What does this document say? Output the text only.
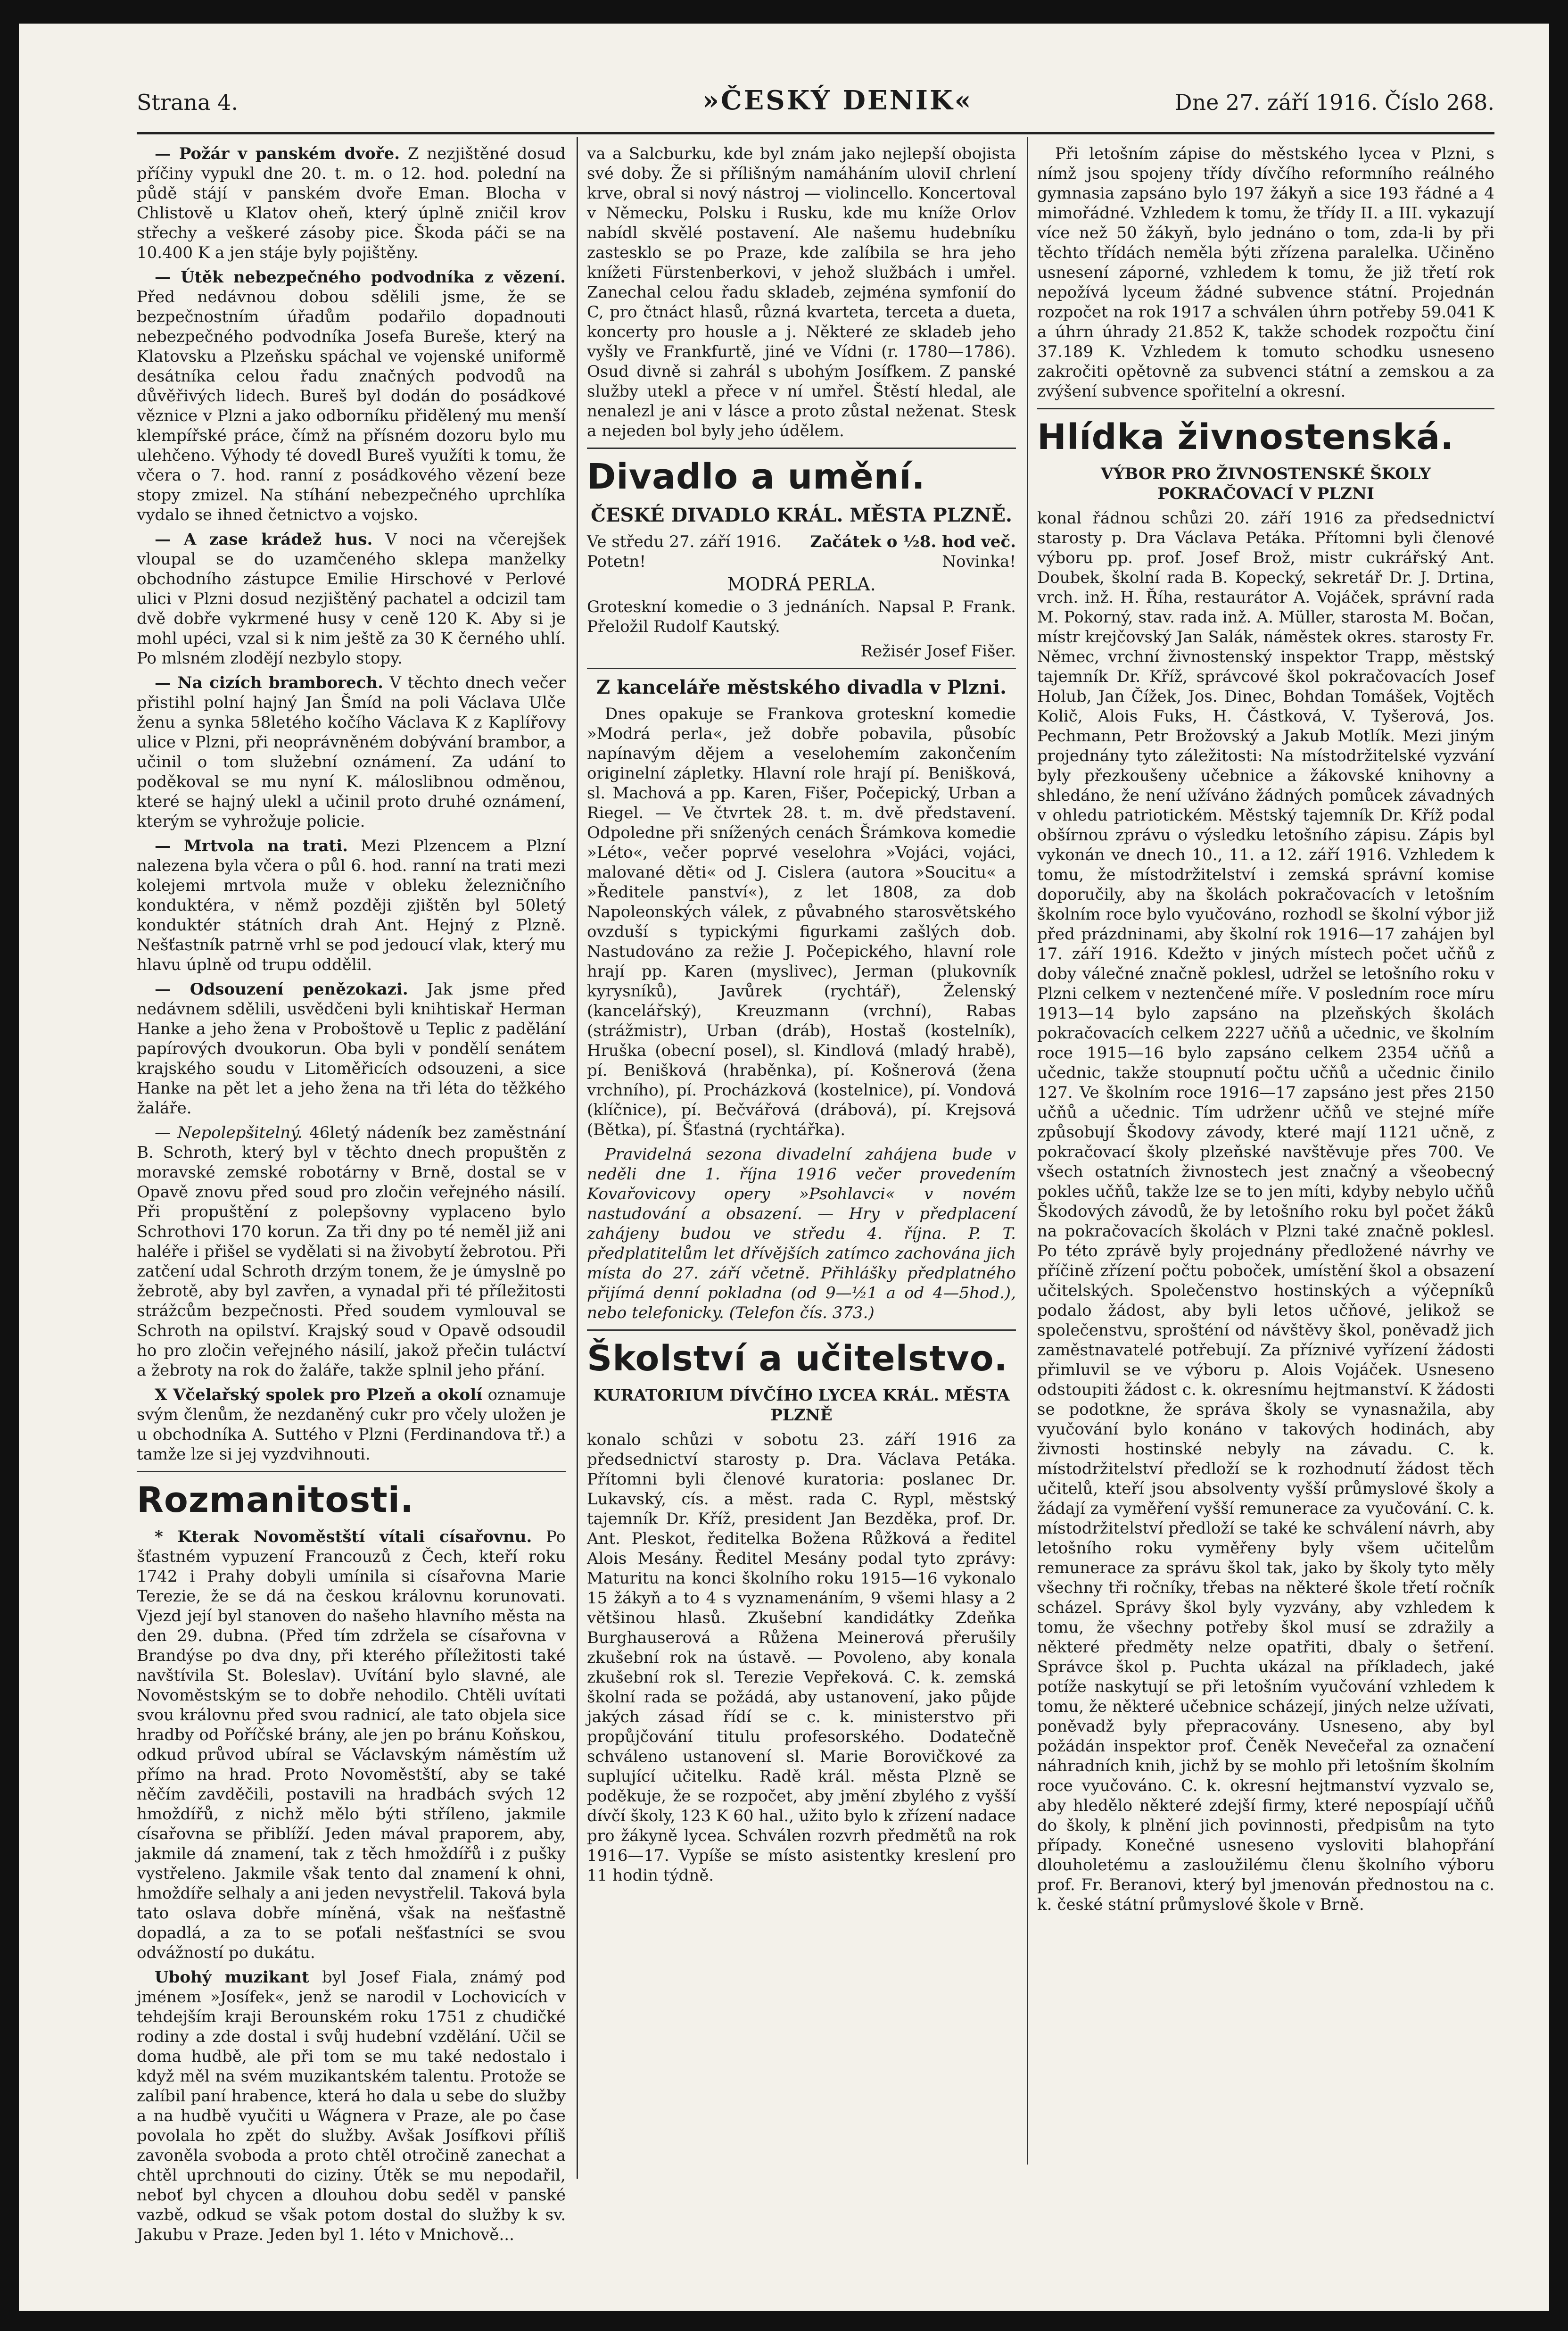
Strana 4.	»ČESKÝ DENIK«	Dne 27. září 1916. Číslo 268.

— Požár v panském dvoře. Z nezjištěné dosud příčiny vypukl dne 20. t. m. o 12. hod. polední na půdě stájí v panském dvoře Eman. Blocha v Chlistově u Klatov oheň, který úplně zničil krov střechy a veškeré zásoby pice. Škoda páči se na 10.400 K a jen stáje byly pojištěny.

— Útěk nebezpečného podvodníka z vězení. Před nedávnou dobou sdělili jsme, že se bezpečnostním úřadům podařilo dopadnouti nebezpečného podvodníka Josefa Bureše, který na Klatovsku a Plzeňsku spáchal ve vojenské uniformě desátníka celou řadu značných podvodů na důvěřivých lidech. Bureš byl dodán do posádkové věznice v Plzni a jako odborníku přidělený mu menší klempířské práce, čímž na přísném dozoru bylo mu ulehčeno. Výhody té dovedl Bureš využíti k tomu, že včera o 7. hod. ranní z posádkového vězení beze stopy zmizel. Na stíhání nebezpečného uprchlíka vydalo se ihned četnictvo a vojsko.

— A zase krádež hus. V noci na včerejšek vloupal se do uzamčeného sklepa manželky obchodního zástupce Emilie Hirschové v Perlové ulici v Plzni dosud nezjištěný pachatel a odcizil tam dvě dobře vykrmené husy v ceně 120 K. Aby si je mohl upéci, vzal si k nim ještě za 30 K černého uhlí. Po mlsném zlodějí nezbylo stopy.

— Na cizích bramborech. V těchto dnech večer přistihl polní hajný Jan Šmíd na poli Václava Ulče ženu a synka 58letého kočího Václava K z Kaplířovy ulice v Plzni, při neoprávněném dobývání brambor, a učinil o tom služební oznámení. Za udání to poděkoval se mu nyní K. máloslibnou odměnou, které se hajný ulekl a učinil proto druhé oznámení, kterým se vyhrožuje policie.

— Mrtvola na trati. Mezi Plzencem a Plzní nalezena byla včera o půl 6. hod. ranní na trati mezi kolejemi mrtvola muže v obleku železničního konduktéra, v němž později zjištěn byl 50letý konduktér státních drah Ant. Hejný z Plzně. Nešťastník patrně vrhl se pod jedoucí vlak, který mu hlavu úplně od trupu oddělil.

— Odsouzení penězokazi. Jak jsme před nedávnem sdělili, usvědčeni byli knihtiskař Herman Hanke a jeho žena v Proboštově u Teplic z padělání papírových dvoukorun. Oba byli v pondělí senátem krajského soudu v Litoměřicích odsouzeni, a sice Hanke na pět let a jeho žena na tři léta do těžkého žaláře.

— Nepolepšitelný. 46letý nádeník bez zaměstnání B. Schroth, který byl v těchto dnech propuštěn z moravské zemské robotárny v Brně, dostal se v Opavě znovu před soud pro zločin veřejného násilí. Při propuštění z polepšovny vyplaceno bylo Schrothovi 170 korun. Za tři dny po té neměl již ani haléře i přišel se vydělati si na živobytí žebrotou. Při zatčení udal Schroth drzým tonem, že je úmyslně po žebrotě, aby byl zavřen, a vynadal při té příležitosti strážcům bezpečnosti. Před soudem vymlouval se Schroth na opilství. Krajský soud v Opavě odsoudil ho pro zločin veřejného násilí, jakož přečin tuláctví a žebroty na rok do žaláře, takže splnil jeho přání.

X Včelařský spolek pro Plzeň a okolí oznamuje svým členům, že nezdaněný cukr pro včely uložen je u obchodníka A. Suttého v Plzni (Ferdinandova tř.) a tamže lze si jej vyzdvihnouti.

Rozmanitosti.

* Kterak Novoměstští vítali císařovnu. Po šťastném vypuzení Francouzů z Čech, kteří roku 1742 i Prahy dobyli umínila si císařovna Marie Terezie, že se dá na českou královnu korunovati. Vjezd její byl stanoven do našeho hlavního města na den 29. dubna. (Před tím zdržela se císařovna v Brandýse po dva dny, při kterého příležitosti také navštívila St. Boleslav). Uvítání bylo slavné, ale Novoměstským se to dobře nehodilo. Chtěli uvítati svou královnu před svou radnicí, ale tato objela sice hradby od Poříčské brány, ale jen po bránu Koňskou, odkud průvod ubíral se Václavským náměstím už přímo na hrad. Proto Novoměstští, aby se také něčím zavděčili, postavili na hradbách svých 12 hmoždířů, z nichž mělo býti stříleno, jakmile císařovna se přiblíží. Jeden mával praporem, aby, jakmile dá znamení, tak z těch hmoždířů i z pušky vystřeleno. Jakmile však tento dal znamení k ohni, hmoždíře selhaly a ani jeden nevystřelil. Taková byla tato oslava dobře míněná, však na nešťastně dopadlá, a za to se poťali nešťastníci se svou odvážností po dukátu.

Ubohý muzikant byl Josef Fiala, známý pod jménem »Josífek«, jenž se narodil v Lochovicích v tehdejším kraji Berounském roku 1751 z chudičké rodiny a zde dostal i svůj hudební vzdělání. Učil se doma hudbě, ale při tom se mu také nedostalo i když měl na svém muzikantském talentu. Protože se zalíbil paní hrabence, která ho dala u sebe do služby a na hudbě vyučiti u Wágnera v Praze, ale po čase povolala ho zpět do služby. Avšak Josífkovi příliš zavoněla svoboda a proto chtěl otročině zanechat a chtěl uprchnouti do ciziny. Útěk se mu nepodařil, neboť byl chycen a dlouhou dobu seděl v panské vazbě, odkud se však potom dostal do služby k sv. Jakubu v Praze. Jeden byl 1. léto v Mnichově...

va a Salcburku, kde byl znám jako nejlepší obojista své doby. Že si přílišným namáháním uloviI chrlení krve, obral si nový nástroj — violincello. Koncertoval v Německu, Polsku i Rusku, kde mu kníže Orlov nabídl skvělé postavení. Ale našemu hudebníku zastesklo se po Praze, kde zalíbila se hra jeho knížeti Fürstenberkovi, v jehož službách i umřel. Zanechal celou řadu skladeb, zejména symfonií do C, pro čtnáct hlasů, různá kvarteta, terceta a dueta, koncerty pro housle a j. Některé ze skladeb jeho vyšly ve Frankfurtě, jiné ve Vídni (r. 1780—1786). Osud divně si zahrál s ubohým Josífkem. Z panské služby utekl a přece v ní umřel. Štěstí hledal, ale nenalezl je ani v lásce a proto zůstal neženat. Stesk a nejeden bol byly jeho údělem.

Divadlo a umění.
ČESKÉ DIVADLO KRÁL. MĚSTA PLZNĚ.
Ve středu 27. září 1916. Začátek o ½8. hod več.
Potetn!	Novinka!
MODRÁ PERLA.

Groteskní komedie o 3 jednáních. Napsal P. Frank. Přeložil Rudolf Kautský.

Režisér Josef Fišer.
Z kanceláře městského divadla v Plzni.

Dnes opakuje se Frankova groteskní komedie »Modrá perla«, jež dobře pobavila, působíc napínavým dějem a veselohemím zakončením originelní zápletky. Hlavní role hrají pí. Benišková, sl. Machová a pp. Karen, Fišer, Počepický, Urban a Riegel. — Ve čtvrtek 28. t. m. dvě představení. Odpoledne při snížených cenách Šrámkova komedie »Léto«, večer poprvé veselohra »Vojáci, vojáci, malované děti« od J. Cislera (autora »Soucitu« a »Ředitele panství«), z let 1808, za dob Napoleonských válek, z půvabného starosvětského ovzduší s typickými figurkami zašlých dob. Nastudováno za režie J. Počepického, hlavní role hrají pp. Karen (myslivec), Jerman (plukovník kyrysníků), Javůrek (rychtář), Želenský (kancelářský), Kreuzmann (vrchní), Rabas (strážmistr), Urban (dráb), Hostaš (kostelník), Hruška (obecní posel), sl. Kindlová (mladý hrabě), pí. Benišková (hraběnka), pí. Košnerová (žena vrchního), pí. Procházková (kostelnice), pí. Vondová (klíčnice), pí. Bečvářová (drábová), pí. Krejsová (Bětka), pí. Šťastná (rychtářka).

Pravidelná sezona divadelní zahájena bude v neděli dne 1. října 1916 večer provedením Kovařovicovy opery »Psohlavci« v novém nastudování a obsazení. — Hry v předplacení zahájeny budou ve středu 4. října. P. T. předplatitelům let dřívějších zatímco zachována jich místa do 27. září včetně. Přihlášky předplatného přijímá denní pokladna (od 9—½1 a od 4—5hod.), nebo telefonicky. (Telefon čís. 373.)

Školství a učitelstvo.
KURATORIUM DÍVČÍHO LYCEA KRÁL. MĚSTA PLZNĚ

konalo schůzi v sobotu 23. září 1916 za předsednictví starosty p. Dra. Václava Petáka. Přítomni byli členové kuratoria: poslanec Dr. Lukavský, cís. a měst. rada C. Rypl, městský tajemník Dr. Kříž, president Jan Bezděka, prof. Dr. Ant. Pleskot, ředitelka Božena Růžková a ředitel Alois Mesány. Ředitel Mesány podal tyto zprávy: Maturitu na konci školního roku 1915—16 vykonalo 15 žákyň a to 4 s vyznamenáním, 9 všemi hlasy a 2 většinou hlasů. Zkušební kandidátky Zdeňka Burghauserová a Růžena Meinerová přerušily zkušební rok na ústavě. — Povoleno, aby konala zkušební rok sl. Terezie Vepřeková. C. k. zemská školní rada se požádá, aby ustanovení, jako půjde jakých zásad řídí se c. k. ministerstvo při propůjčování titulu profesorského. Dodatečně schváleno ustanovení sl. Marie Borovičkové za suplující učitelku. Radě král. města Plzně se poděkuje, že se rozpočet, aby jmění zbylého z vyšší dívčí školy, 123 K 60 hal., užito bylo k zřízení nadace pro žákyně lycea. Schválen rozvrh předmětů na rok 1916—17. Vypíše se místo asistentky kreslení pro 11 hodin týdně.

Při letošním zápise do městského lycea v Plzni, s nímž jsou spojeny třídy dívčího reformního reálného gymnasia zapsáno bylo 197 žákyň a sice 193 řádné a 4 mimořádné. Vzhledem k tomu, že třídy II. a III. vykazují více než 50 žákyň, bylo jednáno o tom, zda-li by při těchto třídách neměla býti zřízena paralelka. Učiněno usnesení záporné, vzhledem k tomu, že již třetí rok nepožívá lyceum žádné subvence státní. Projednán rozpočet na rok 1917 a schválen úhrn potřeby 59.041 K a úhrn úhrady 21.852 K, takže schodek rozpočtu činí 37.189 K. Vzhledem k tomuto schodku usneseno zakročiti opětovně za subvenci státní a zemskou a za zvýšení subvence spořitelní a okresní.

Hlídka živnostenská.
VÝBOR PRO ŽIVNOSTENSKÉ ŠKOLY POKRAČOVACÍ V PLZNI

konal řádnou schůzi 20. září 1916 za předsednictví starosty p. Dra Václava Petáka. Přítomni byli členové výboru pp. prof. Josef Brož, mistr cukrářský Ant. Doubek, školní rada B. Kopecký, sekretář Dr. J. Drtina, vrch. inž. H. Říha, restaurátor A. Vojáček, správní rada M. Pokorný, stav. rada inž. A. Müller, starosta M. Bočan, místr krejčovský Jan Salák, náměstek okres. starosty Fr. Němec, vrchní živnostenský inspektor Trapp, městský tajemník Dr. Kříž, správcové škol pokračovacích Josef Holub, Jan Čížek, Jos. Dinec, Bohdan Tomášek, Vojtěch Količ, Alois Fuks, H. Částková, V. Tyšerová, Jos. Pechmann, Petr Brožovský a Jakub Motlík. Mezi jiným projednány tyto záležitosti: Na místodržitelské vyzvání byly přezkoušeny učebnice a žákovské knihovny a shledáno, že není užíváno žádných pomůcek závadných v ohledu patriotickém. Městský tajemník Dr. Kříž podal obšírnou zprávu o výsledku letošního zápisu. Zápis byl vykonán ve dnech 10., 11. a 12. září 1916. Vzhledem k tomu, že místodržitelství i zemská správní komise doporučily, aby na školách pokračovacích v letošním školním roce bylo vyučováno, rozhodl se školní výbor již před prázdninami, aby školní rok 1916—17 zahájen byl 17. září 1916. Kdežto v jiných místech počet učňů z doby válečné značně poklesl, udržel se letošního roku v Plzni celkem v neztenčené míře. V posledním roce míru 1913—14 bylo zapsáno na plzeňských školách pokračovacích celkem 2227 učňů a učednic, ve školním roce 1915—16 bylo zapsáno celkem 2354 učňů a učednic, takže stoupnutí počtu učňů a učednic činilo 127. Ve školním roce 1916—17 zapsáno jest přes 2150 učňů a učednic. Tím udrženr učňů ve stejné míře způsobují Škodovy závody, které mají 1121 učně, z pokračovací školy plzeňské navštěvuje přes 700. Ve všech ostatních živnostech jest značný a všeobecný pokles učňů, takže lze se to jen míti, kdyby nebylo učňů Škodových závodů, že by letošního roku byl počet žáků na pokračovacích školách v Plzni také značně poklesl. Po této zprávě byly projednány předložené návrhy ve příčině zřízení počtu poboček, umístění škol a obsazení učitelských. Společenstvo hostinských a výčepníků podalo žádost, aby byli letos učňové, jelikož se společenstvu, sprošténí od návštěvy škol, poněvadž jich zaměstnavatelé potřebují. Za příznivé vyřízení žádosti přimluvil se ve výboru p. Alois Vojáček. Usneseno odstoupiti žádost c. k. okresnímu hejtmanství. K žádosti se podotkne, že správa školy se vynasnažila, aby vyučování bylo konáno v takových hodinách, aby živnosti hostinské nebyly na závadu. C. k. místodržitelství předloží se k rozhodnutí žádost těch učitelů, kteří jsou absolventy vyšší průmyslové školy a žádají za vyměření vyšší remunerace za vyučování. C. k. místodržitelství předloží se také ke schválení návrh, aby letošního roku vyměřeny byly všem učitelům remunerace za správu škol tak, jako by školy tyto měly všechny tři ročníky, třebas na některé škole třetí ročník scházel. Správy škol byly vyzvány, aby vzhledem k tomu, že všechny potřeby škol musí se zdražily a některé předměty nelze opatřiti, dbaly o šetření. Správce škol p. Puchta ukázal na příkladech, jaké potíže naskytují se při letošním vyučování vzhledem k tomu, že některé učebnice scházejí, jiných nelze užívati, poněvadž byly přepracovány. Usneseno, aby byl požádán inspektor prof. Čeněk Nevečeřal za označení náhradních knih, jichž by se mohlo při letošním školním roce vyučováno. C. k. okresní hejtmanství vyzvalo se, aby hledělo některé zdejší firmy, které nepospíají učňů do školy, k plnění jich povinnosti, předpisům na tyto případy. Konečné usneseno vysloviti blahopřání dlouholetému a zasloužilému členu školního výboru prof. Fr. Beranovi, který byl jmenován přednostou na c. k. české státní průmyslové škole v Brně.
